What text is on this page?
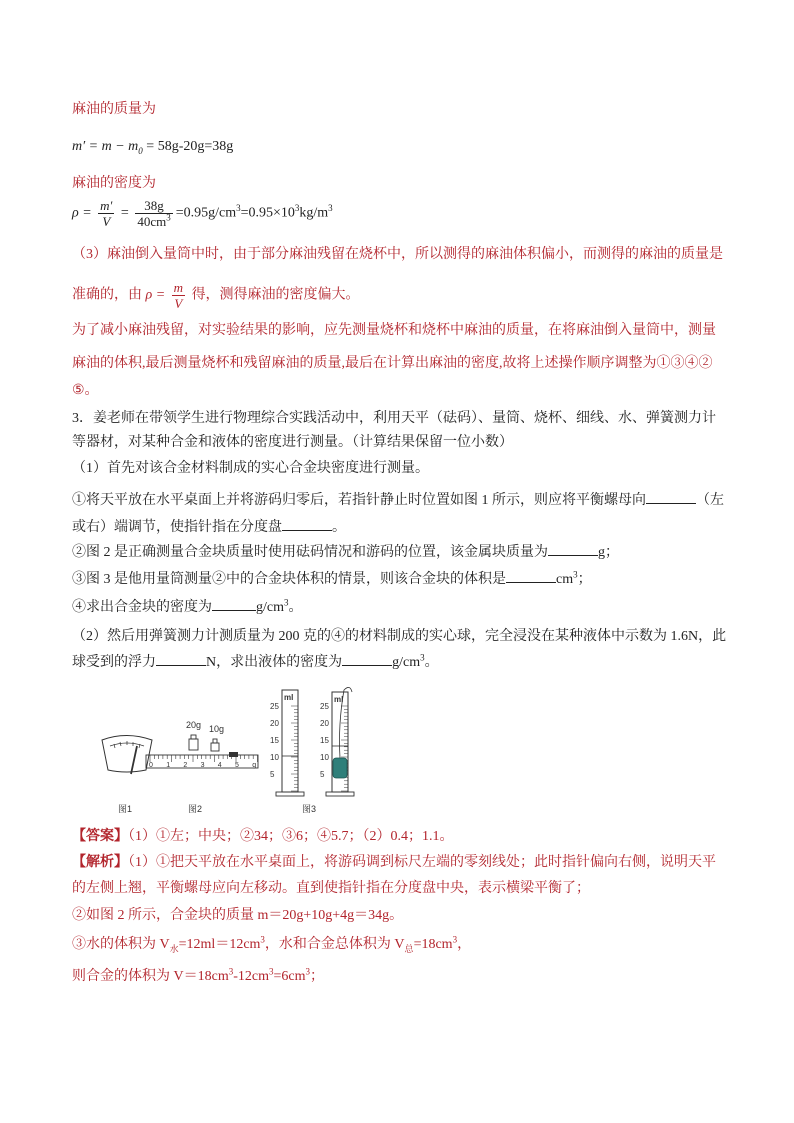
麻油的质量为
$m' = m - m_0 = 58g-20g=38g$
麻油的密度为
$\rho = \frac{m'}{V} = \frac{38g}{40cm^3} =0.95g/cm^3=0.95\times 10^3kg/m^3$
（3）麻油倒入量筒中时，由于部分麻油残留在烧杯中，所以测得的麻油体积偏小，而测得的麻油的质量是
准确的，由 $\rho = \frac{m}{V}$ 得，测得麻油的密度偏大。
为了减小麻油残留，对实验结果的影响，应先测量烧杯和烧杯中麻油的质量，在将麻油倒入量筒中，测量
麻油的体积,最后测量烧杯和残留麻油的质量,最后在计算出麻油的密度,故将上述操作顺序调整为①③④②
⑤。
3．姜老师在带领学生进行物理综合实践活动中，利用天平（砝码）、量筒、烧杯、细线、水、弹簧测力计
等器材，对某种合金和液体的密度进行测量。（计算结果保留一位小数）
（1）首先对该合金材料制成的实心合金块密度进行测量。
①将天平放在水平桌面上并将游码归零后，若指针静止时位置如图 1 所示，则应将平衡螺母向	（左
或右）端调节，使指针指在分度盘	。
②图 2 是正确测量合金块质量时使用砝码情况和游码的位置，该金属块质量为	g；
③图 3 是他用量筒测量②中的合金块体积的情景，则该合金块的体积是	$cm^3$；
④求出合金块的密度为	$g/cm^3$。
（2）然后用弹簧测力计测质量为 200 克的④的材料制成的实心球，完全浸没在某种液体中示数为 1.6N，此
球受到的浮力	N，求出液体的密度为	$g/cm^3$。
图1
20g 10g
图2
ml
25
20
15
10
5
ml
25
20
15
10
5
图3
0 1 2 3 4 5 g
【答案】（1）①左；中央；②34；③6；④5.7；（2）0.4；1.1。
【解析】（1）①把天平放在水平桌面上，将游码调到标尺左端的零刻线处；此时指针偏向右侧，说明天平
的左侧上翘，平衡螺母应向左移动。直到使指针指在分度盘中央，表示横梁平衡了；
②如图 2 所示，合金块的质量 m＝20g+10g+4g＝34g。
③水的体积为 $V_水=12ml=12cm^3$，水和合金总体积为 $V_总=18cm^3$，
则合金的体积为 $V=18cm^3-12cm^3=6cm^3$；
